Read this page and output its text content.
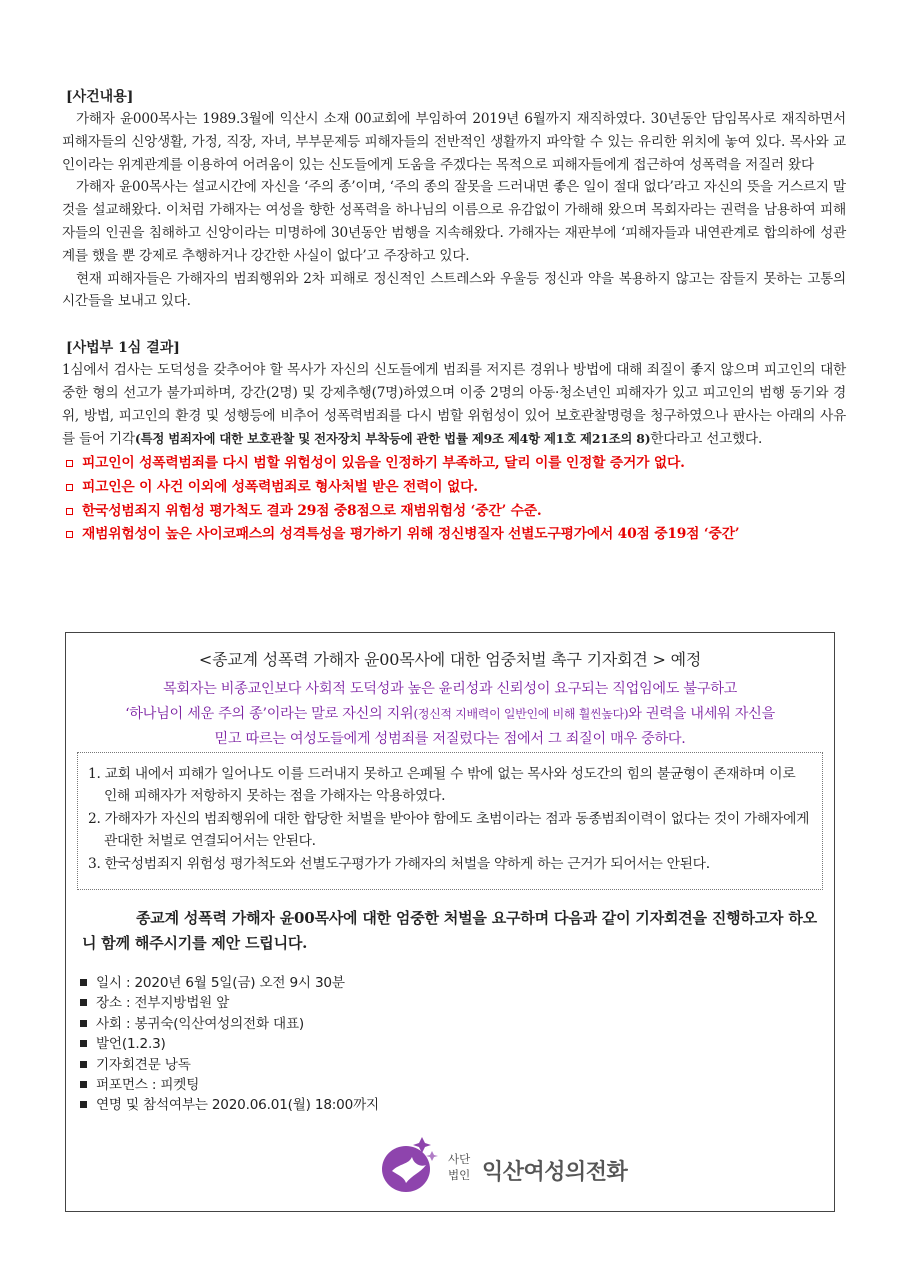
[사건내용]

가해자 윤000목사는 1989.3월에 익산시 소재 00교회에 부임하여 2019년 6월까지 재직하였다. 30년동안 담임목사로 재직하면서 피해자들의 신앙생활, 가정, 직장, 자녀, 부부문제등 피해자들의 전반적인 생활까지 파악할 수 있는 유리한 위치에 놓여 있다. 목사와 교인이라는 위계관계를 이용하여 어려움이 있는 신도들에게 도움을 주겠다는 목적으로 피해자들에게 접근하여 성폭력을 저질러 왔다

가해자 윤00목사는 설교시간에 자신을 ‘주의 종’이며, ‘주의 종의 잘못을 드러내면 좋은 일이 절대 없다’라고 자신의 뜻을 거스르지 말 것을 설교해왔다. 이처럼 가해자는 여성을 향한 성폭력을 하나님의 이름으로 유감없이 가해해 왔으며 목회자라는 권력을 남용하여 피해자들의 인권을 침해하고 신앙이라는 미명하에 30년동안 범행을 지속해왔다. 가해자는 재판부에 ‘피해자들과 내연관계로 합의하에 성관계를 했을 뿐 강제로 추행하거나 강간한 사실이 없다’고 주장하고 있다.

현재 피해자들은 가해자의 범죄행위와 2차 피해로 정신적인 스트레스와 우울등 정신과 약을 복용하지 않고는 잠들지 못하는 고통의 시간들을 보내고 있다.

[사법부 1심 결과]

1심에서 검사는 도덕성을 갖추어야 할 목사가 자신의 신도들에게 범죄를 저지른 경위나 방법에 대해 죄질이 좋지 않으며 피고인의 대한 중한 형의 선고가 불가피하며, 강간(2명) 및 강제추행(7명)하였으며 이중 2명의 아동·청소년인 피해자가 있고 피고인의 범행 동기와 경위, 방법, 피고인의 환경 및 성행등에 비추어 성폭력범죄를 다시 범할 위험성이 있어 보호관찰명령을 청구하였으나 판사는 아래의 사유를 들어 기각(특정 범죄자에 대한 보호관찰 및 전자장치 부착등에 관한 법률 제9조 제4항 제1호 제21조의 8)한다라고 선고했다.

피고인이 성폭력범죄를 다시 범할 위험성이 있음을 인정하기 부족하고, 달리 이를 인정할 증거가 없다.
피고인은 이 사건 이외에 성폭력범죄로 형사처벌 받은 전력이 없다.
한국성범죄지 위험성 평가척도 결과 29점 중8점으로 재범위험성 ‘중간’ 수준.
재범위험성이 높은 사이코패스의 성격특성을 평가하기 위해 정신병질자 선별도구평가에서 40점 중19점 ‘중간’
<종교계 성폭력 가해자 윤00목사에 대한 엄중처벌 촉구 기자회견 > 예정
목회자는 비종교인보다 사회적 도덕성과 높은 윤리성과 신뢰성이 요구되는 직업임에도 불구하고
‘하나님이 세운 주의 종’이라는 말로 자신의 지위(정신적 지배력이 일반인에 비해 훨씬높다)와 권력을 내세워 자신을
믿고 따르는 여성도들에게 성범죄를 저질렀다는 점에서 그 죄질이 매우 중하다.
1. 교회 내에서 피해가 일어나도 이를 드러내지 못하고 은폐될 수 밖에 없는 목사와 성도간의 힘의 불균형이 존재하며 이로 인해 피해자가 저항하지 못하는 점을 가해자는 악용하였다.
2. 가해자가 자신의 범죄행위에 대한 합당한 처벌을 받아야 함에도 초범이라는 점과 동종범죄이력이 없다는 것이 가해자에게 관대한 처벌로 연결되어서는 안된다.
3. 한국성범죄지 위험성 평가척도와 선별도구평가가 가해자의 처벌을 약하게 하는 근거가 되어서는 안된다.
종교계 성폭력 가해자 윤00목사에 대한 엄중한 처벌을 요구하며 다음과 같이 기자회견을 진행하고자 하오니 함께 해주시기를 제안 드립니다.
일시 : 2020년 6월 5일(금) 오전 9시 30분
장소 : 전부지방법원 앞
사회 : 봉귀숙(익산여성의전화 대표)
발언(1.2.3)
기자회견문 낭독
퍼포먼스 : 피켓팅
연명 및 참석여부는 2020.06.01(월) 18:00까지
사단
법인 익산여성의전화
